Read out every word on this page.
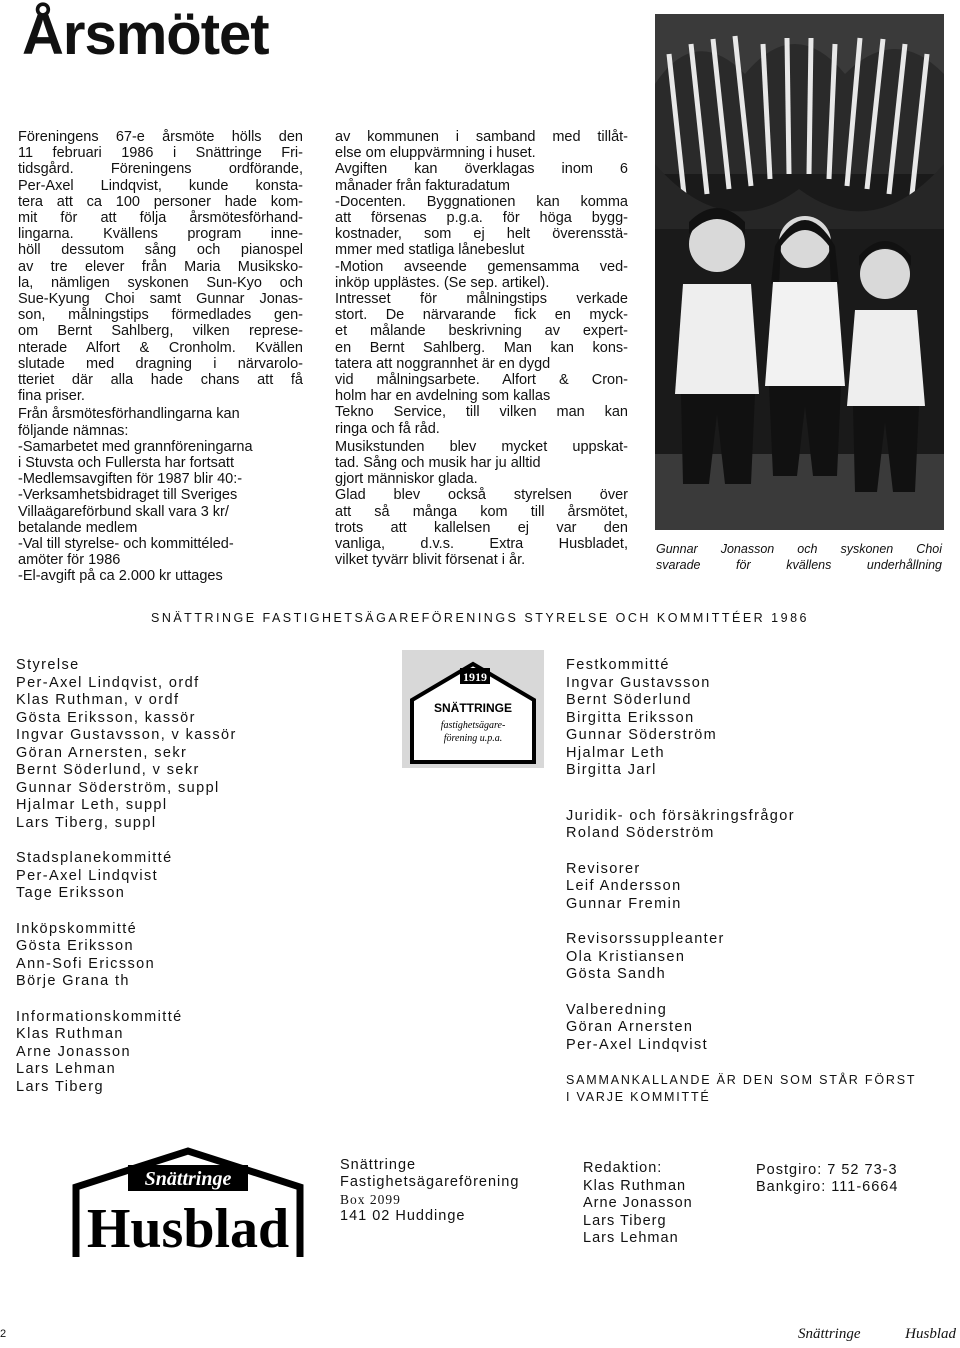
Årsmötet

Föreningens 67-e årsmöte hölls den
11 februari 1986 i Snättringe Fri-
tidsgård. Föreningens ordförande,
Per-Axel Lindqvist, kunde konsta-
tera att ca 100 personer hade kom-
mit för att följa årsmötesförhand-
lingarna. Kvällens program inne-
höll dessutom sång och pianospel
av tre elever från Maria Musiksko-
la, nämligen syskonen Sun-Kyo och
Sue-Kyung Choi samt Gunnar Jonas-
son, målningstips förmedlades gen-
om Bernt Sahlberg, vilken represe-
nterade Alfort & Cronholm. Kvällen
slutade med dragning i närvarolo-
tteriet där alla hade chans att få
fina priser.

Från årsmötesförhandlingarna kan
följande nämnas:
-Samarbetet med grannföreningarna
i Stuvsta och Fullersta har fortsatt
-Medlemsavgiften för 1987 blir 40:-
-Verksamhetsbidraget till Sveriges
Villaägareförbund skall vara 3 kr/
betalande medlem
-Val till styrelse- och kommittéled-
amöter för 1986
-El-avgift på ca 2.000 kr uttages

av kommunen i samband med tillåt-
else om eluppvärmning i huset.
Avgiften kan överklagas inom 6
månader från fakturadatum
-Docenten. Byggnationen kan komma
att försenas p.g.a. för höga bygg-
kostnader, som ej helt överensstä-
mmer med statliga lånebeslut
-Motion avseende gemensamma ved-
inköp upplästes. (Se sep. artikel).
Intresset för målningstips verkade
stort. De närvarande fick en myck-
et målande beskrivning av expert-
en Bernt Sahlberg. Man kan kons-
tatera att noggrannhet är en dygd
vid målningsarbete. Alfort & Cron-
holm har en avdelning som kallas
Tekno Service, till vilken man kan
ringa och få råd.

Musikstunden blev mycket uppskat-
tad. Sång och musik har ju alltid
gjort människor glada.
Glad blev också styrelsen över
att så många kom till årsmötet,
trots att kallelsen ej var den
vanliga, d.v.s. Extra Husbladet,
vilket tyvärr blivit försenat i år.

Gunnar Jonasson och syskonen Choi
svarade för kvällens underhållning
SNÄTTRINGE FASTIGHETSÄGAREFÖRENINGS STYRELSE OCH KOMMITTÉER 1986
Styrelse
Per-Axel Lindqvist, ordf
Klas Ruthman, v ordf
Gösta Eriksson, kassör
Ingvar Gustavsson, v kassör
Göran Arnersten, sekr
Bernt Söderlund, v sekr
Gunnar Söderström, suppl
Hjalmar Leth, suppl
Lars Tiberg, suppl
Stadsplanekommitté
Per-Axel Lindqvist
Tage Eriksson
Inköpskommitté
Gösta Eriksson
Ann-Sofi Ericsson
Börje Grana th
Informationskommitté
Klas Ruthman
Arne Jonasson
Lars Lehman
Lars Tiberg
1919
SNÄTTRINGE
fastighetsägare-
förening u.p.a.
Festkommitté
Ingvar Gustavsson
Bernt Söderlund
Birgitta Eriksson
Gunnar Söderström
Hjalmar Leth
Birgitta Jarl
Juridik- och försäkringsfrågor
Roland Söderström
Revisorer
Leif Andersson
Gunnar Fremin
Revisorssuppleanter
Ola Kristiansen
Gösta Sandh
Valberedning
Göran Arnersten
Per-Axel Lindqvist
SAMMANKALLANDE ÄR DEN SOM STÅR FÖRST
I VARJE KOMMITTÉ
Snättringe
Husblad
Snättringe
Fastighetsägareförening
Box 2099
141 02 Huddinge
Redaktion:
Klas Ruthman
Arne Jonasson
Lars Tiberg
Lars Lehman
Postgiro: 7 52 73-3
Bankgiro: 111-6664
2	Snättringe	Husblad
